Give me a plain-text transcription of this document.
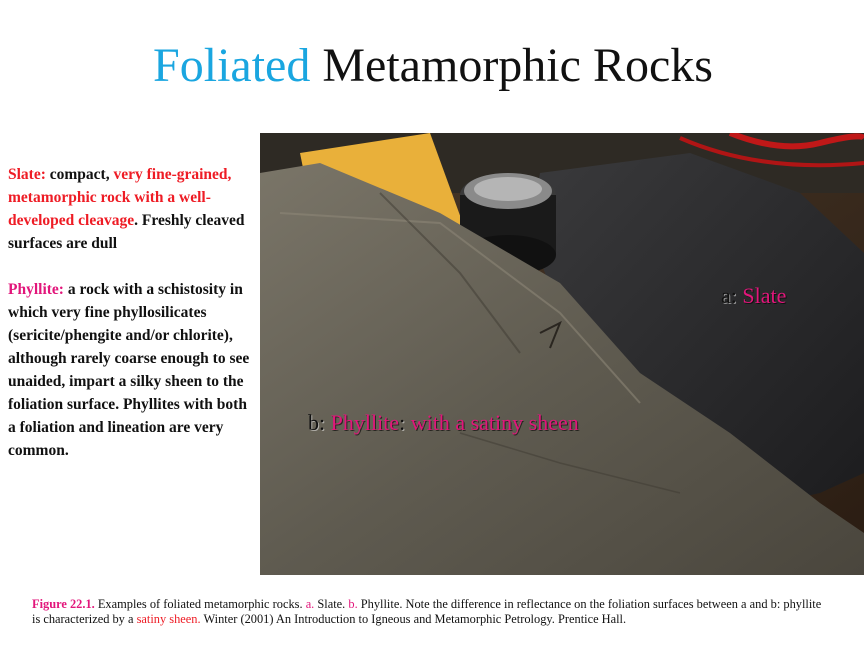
Foliated Metamorphic Rocks

Slate: compact, very fine-grained, metamorphic rock with a well-developed cleavage. Freshly cleaved surfaces are dull

Phyllite: a rock with a schistosity in which very fine phyllosilicates (sericite/phengite and/or chlorite), although rarely coarse enough to see unaided, impart a silky sheen to the foliation surface. Phyllites with both a foliation and lineation are very common.

a: Slate
b: Phyllite: with a satiny sheen
Figure 22.1. Examples of foliated metamorphic rocks. a. Slate. b. Phyllite. Note the difference in reflectance on the foliation surfaces between a and b: phyllite is characterized by a satiny sheen. Winter (2001) An Introduction to Igneous and Metamorphic Petrology. Prentice Hall.
